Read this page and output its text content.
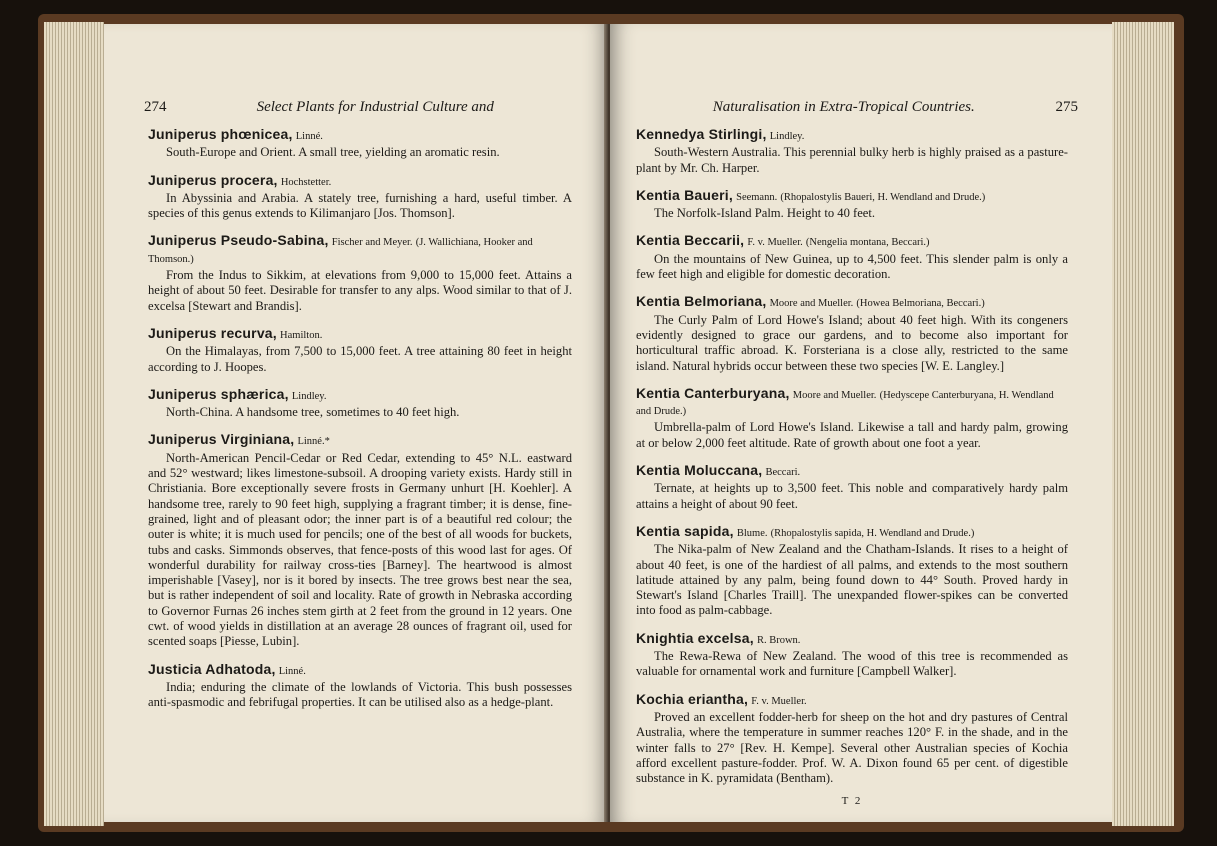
274	Select Plants for Industrial Culture and
Juniperus phœnicea, Linné.
South-Europe and Orient. A small tree, yielding an aromatic resin.
Juniperus procera, Hochstetter.
In Abyssinia and Arabia. A stately tree, furnishing a hard, useful timber. A species of this genus extends to Kilimanjaro [Jos. Thomson].
Juniperus Pseudo-Sabina, Fischer and Meyer. (J. Wallichiana, Hooker and Thomson.)
From the Indus to Sikkim, at elevations from 9,000 to 15,000 feet. Attains a height of about 50 feet. Desirable for transfer to any alps. Wood similar to that of J. excelsa [Stewart and Brandis].
Juniperus recurva, Hamilton.
On the Himalayas, from 7,500 to 15,000 feet. A tree attaining 80 feet in height according to J. Hoopes.
Juniperus sphærica, Lindley.
North-China. A handsome tree, sometimes to 40 feet high.
Juniperus Virginiana, Linné.*
North-American Pencil-Cedar or Red Cedar, extending to 45° N.L. eastward and 52° westward; likes limestone-subsoil. A drooping variety exists. Hardy still in Christiania. Bore exceptionally severe frosts in Germany unhurt [H. Koehler]. A handsome tree, rarely to 90 feet high, supplying a fragrant timber; it is dense, fine-grained, light and of pleasant odor; the inner part is of a beautiful red colour; the outer is white; it is much used for pencils; one of the best of all woods for buckets, tubs and casks. Simmonds observes, that fence-posts of this wood last for ages. Of wonderful durability for railway cross-ties [Barney]. The heartwood is almost imperishable [Vasey], nor is it bored by insects. The tree grows best near the sea, but is rather independent of soil and locality. Rate of growth in Nebraska according to Governor Furnas 26 inches stem girth at 2 feet from the ground in 12 years. One cwt. of wood yields in distillation at an average 28 ounces of fragrant oil, used for scented soaps [Piesse, Lubin].
Justicia Adhatoda, Linné.
India; enduring the climate of the lowlands of Victoria. This bush possesses anti-spasmodic and febrifugal properties. It can be utilised also as a hedge-plant.
Naturalisation in Extra-Tropical Countries.	275
Kennedya Stirlingi, Lindley.
South-Western Australia. This perennial bulky herb is highly praised as a pasture-plant by Mr. Ch. Harper.
Kentia Baueri, Seemann. (Rhopalostylis Baueri, H. Wendland and Drude.)
The Norfolk-Island Palm. Height to 40 feet.
Kentia Beccarii, F. v. Mueller. (Nengelia montana, Beccari.)
On the mountains of New Guinea, up to 4,500 feet. This slender palm is only a few feet high and eligible for domestic decoration.
Kentia Belmoriana, Moore and Mueller. (Howea Belmoriana, Beccari.)
The Curly Palm of Lord Howe's Island; about 40 feet high. With its congeners evidently designed to grace our gardens, and to become also important for horticultural traffic abroad. K. Forsteriana is a close ally, restricted to the same island. Natural hybrids occur between these two species [W. E. Langley.]
Kentia Canterburyana, Moore and Mueller. (Hedyscepe Canterburyana, H. Wendland and Drude.)
Umbrella-palm of Lord Howe's Island. Likewise a tall and hardy palm, growing at or below 2,000 feet altitude. Rate of growth about one foot a year.
Kentia Moluccana, Beccari.
Ternate, at heights up to 3,500 feet. This noble and comparatively hardy palm attains a height of about 90 feet.
Kentia sapida, Blume. (Rhopalostylis sapida, H. Wendland and Drude.)
The Nika-palm of New Zealand and the Chatham-Islands. It rises to a height of about 40 feet, is one of the hardiest of all palms, and extends to the most southern latitude attained by any palm, being found down to 44° South. Proved hardy in Stewart's Island [Charles Traill]. The unexpanded flower-spikes can be converted into food as palm-cabbage.
Knightia excelsa, R. Brown.
The Rewa-Rewa of New Zealand. The wood of this tree is recommended as valuable for ornamental work and furniture [Campbell Walker].
Kochia eriantha, F. v. Mueller.
Proved an excellent fodder-herb for sheep on the hot and dry pastures of Central Australia, where the temperature in summer reaches 120° F. in the shade, and in the winter falls to 27° [Rev. H. Kempe]. Several other Australian species of Kochia afford excellent pasture-fodder. Prof. W. A. Dixon found 65 per cent. of digestible substance in K. pyramidata (Bentham).
T 2
